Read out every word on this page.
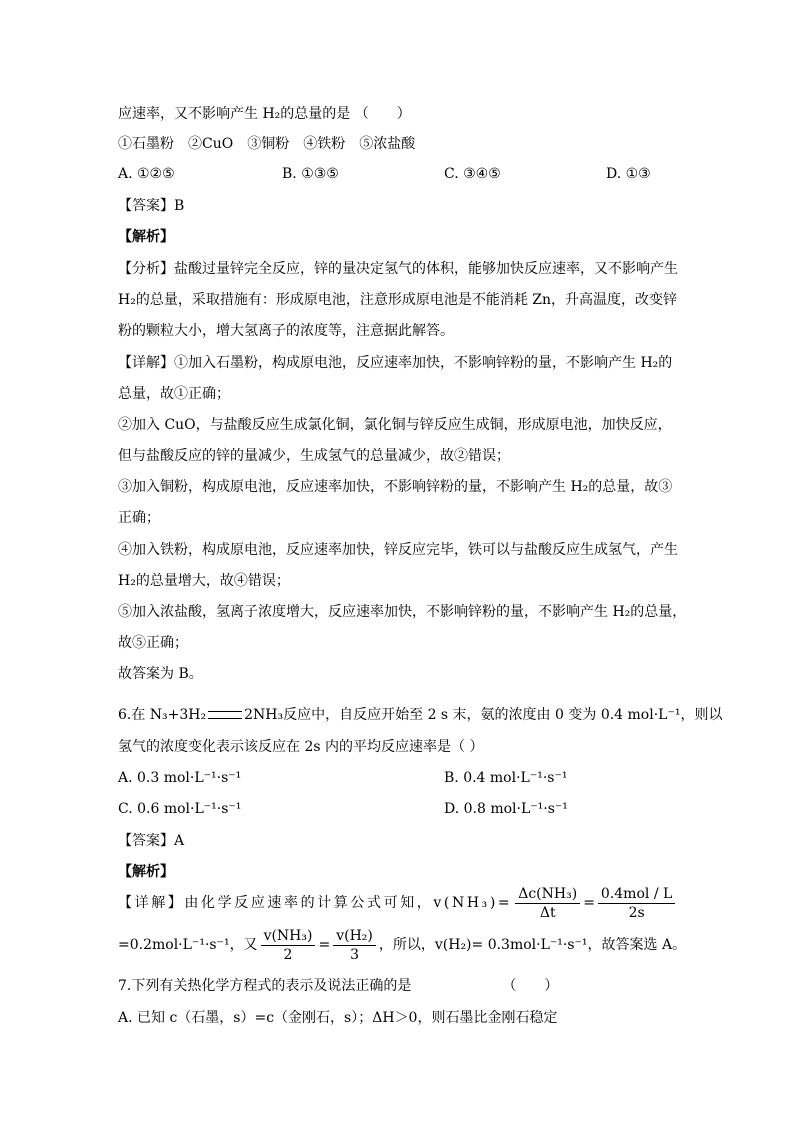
应速率，又不影响产生 H₂的总量的是 （　　）
①石墨粉　②CuO　③铜粉　④铁粉　⑤浓盐酸
A. ①②⑤	B. ①③⑤	C. ③④⑤	D. ①③
【答案】B
【解析】
【分析】盐酸过量锌完全反应，锌的量决定氢气的体积，能够加快反应速率，又不影响产生
H₂的总量，采取措施有：形成原电池，注意形成原电池是不能消耗 Zn，升高温度，改变锌
粉的颗粒大小，增大氢离子的浓度等，注意据此解答。
【详解】①加入石墨粉，构成原电池，反应速率加快，不影响锌粉的量，不影响产生 H₂的
总量，故①正确；
②加入 CuO，与盐酸反应生成氯化铜，氯化铜与锌反应生成铜，形成原电池，加快反应，
但与盐酸反应的锌的量减少，生成氢气的总量减少，故②错误；
③加入铜粉，构成原电池，反应速率加快，不影响锌粉的量，不影响产生 H₂的总量，故③
正确；
④加入铁粉，构成原电池，反应速率加快，锌反应完毕，铁可以与盐酸反应生成氢气，产生
H₂的总量增大，故④错误；
⑤加入浓盐酸，氢离子浓度增大，反应速率加快，不影响锌粉的量，不影响产生 H₂的总量，
故⑤正确；
故答案为 B。
6.在 N₃+3H₂	2NH₃反应中，自反应开始至 2 s 末，氨的浓度由 0 变为 0.4 mol·L⁻¹，则以
氢气的浓度变化表示该反应在 2s 内的平均反应速率是（ ）
A. 0.3 mol·L⁻¹·s⁻¹	B. 0.4 mol·L⁻¹·s⁻¹
C. 0.6 mol·L⁻¹·s⁻¹	D. 0.8 mol·L⁻¹·s⁻¹
【答案】A
【解析】
【详解】由化学反应速率的计算公式可知，$v(NH_3)= \frac{\text{Δc(NH₃)}}{\Delta t} = \frac{\text{0.4mol / L}}{2s}$
=0.2mol·L⁻¹·s⁻¹，又 $\frac{\text{v(NH₃)}}{2} = \frac{\text{v(H₂)}}{3}$ ，所以，v(H₂)= 0.3mol·L⁻¹·s⁻¹，故答案选 A。
7.下列有关热化学方程式的表示及说法正确的是　　　　　　　（　　）
A. 已知 c（石墨，s）=c（金刚石，s）；ΔH＞0，则石墨比金刚石稳定
